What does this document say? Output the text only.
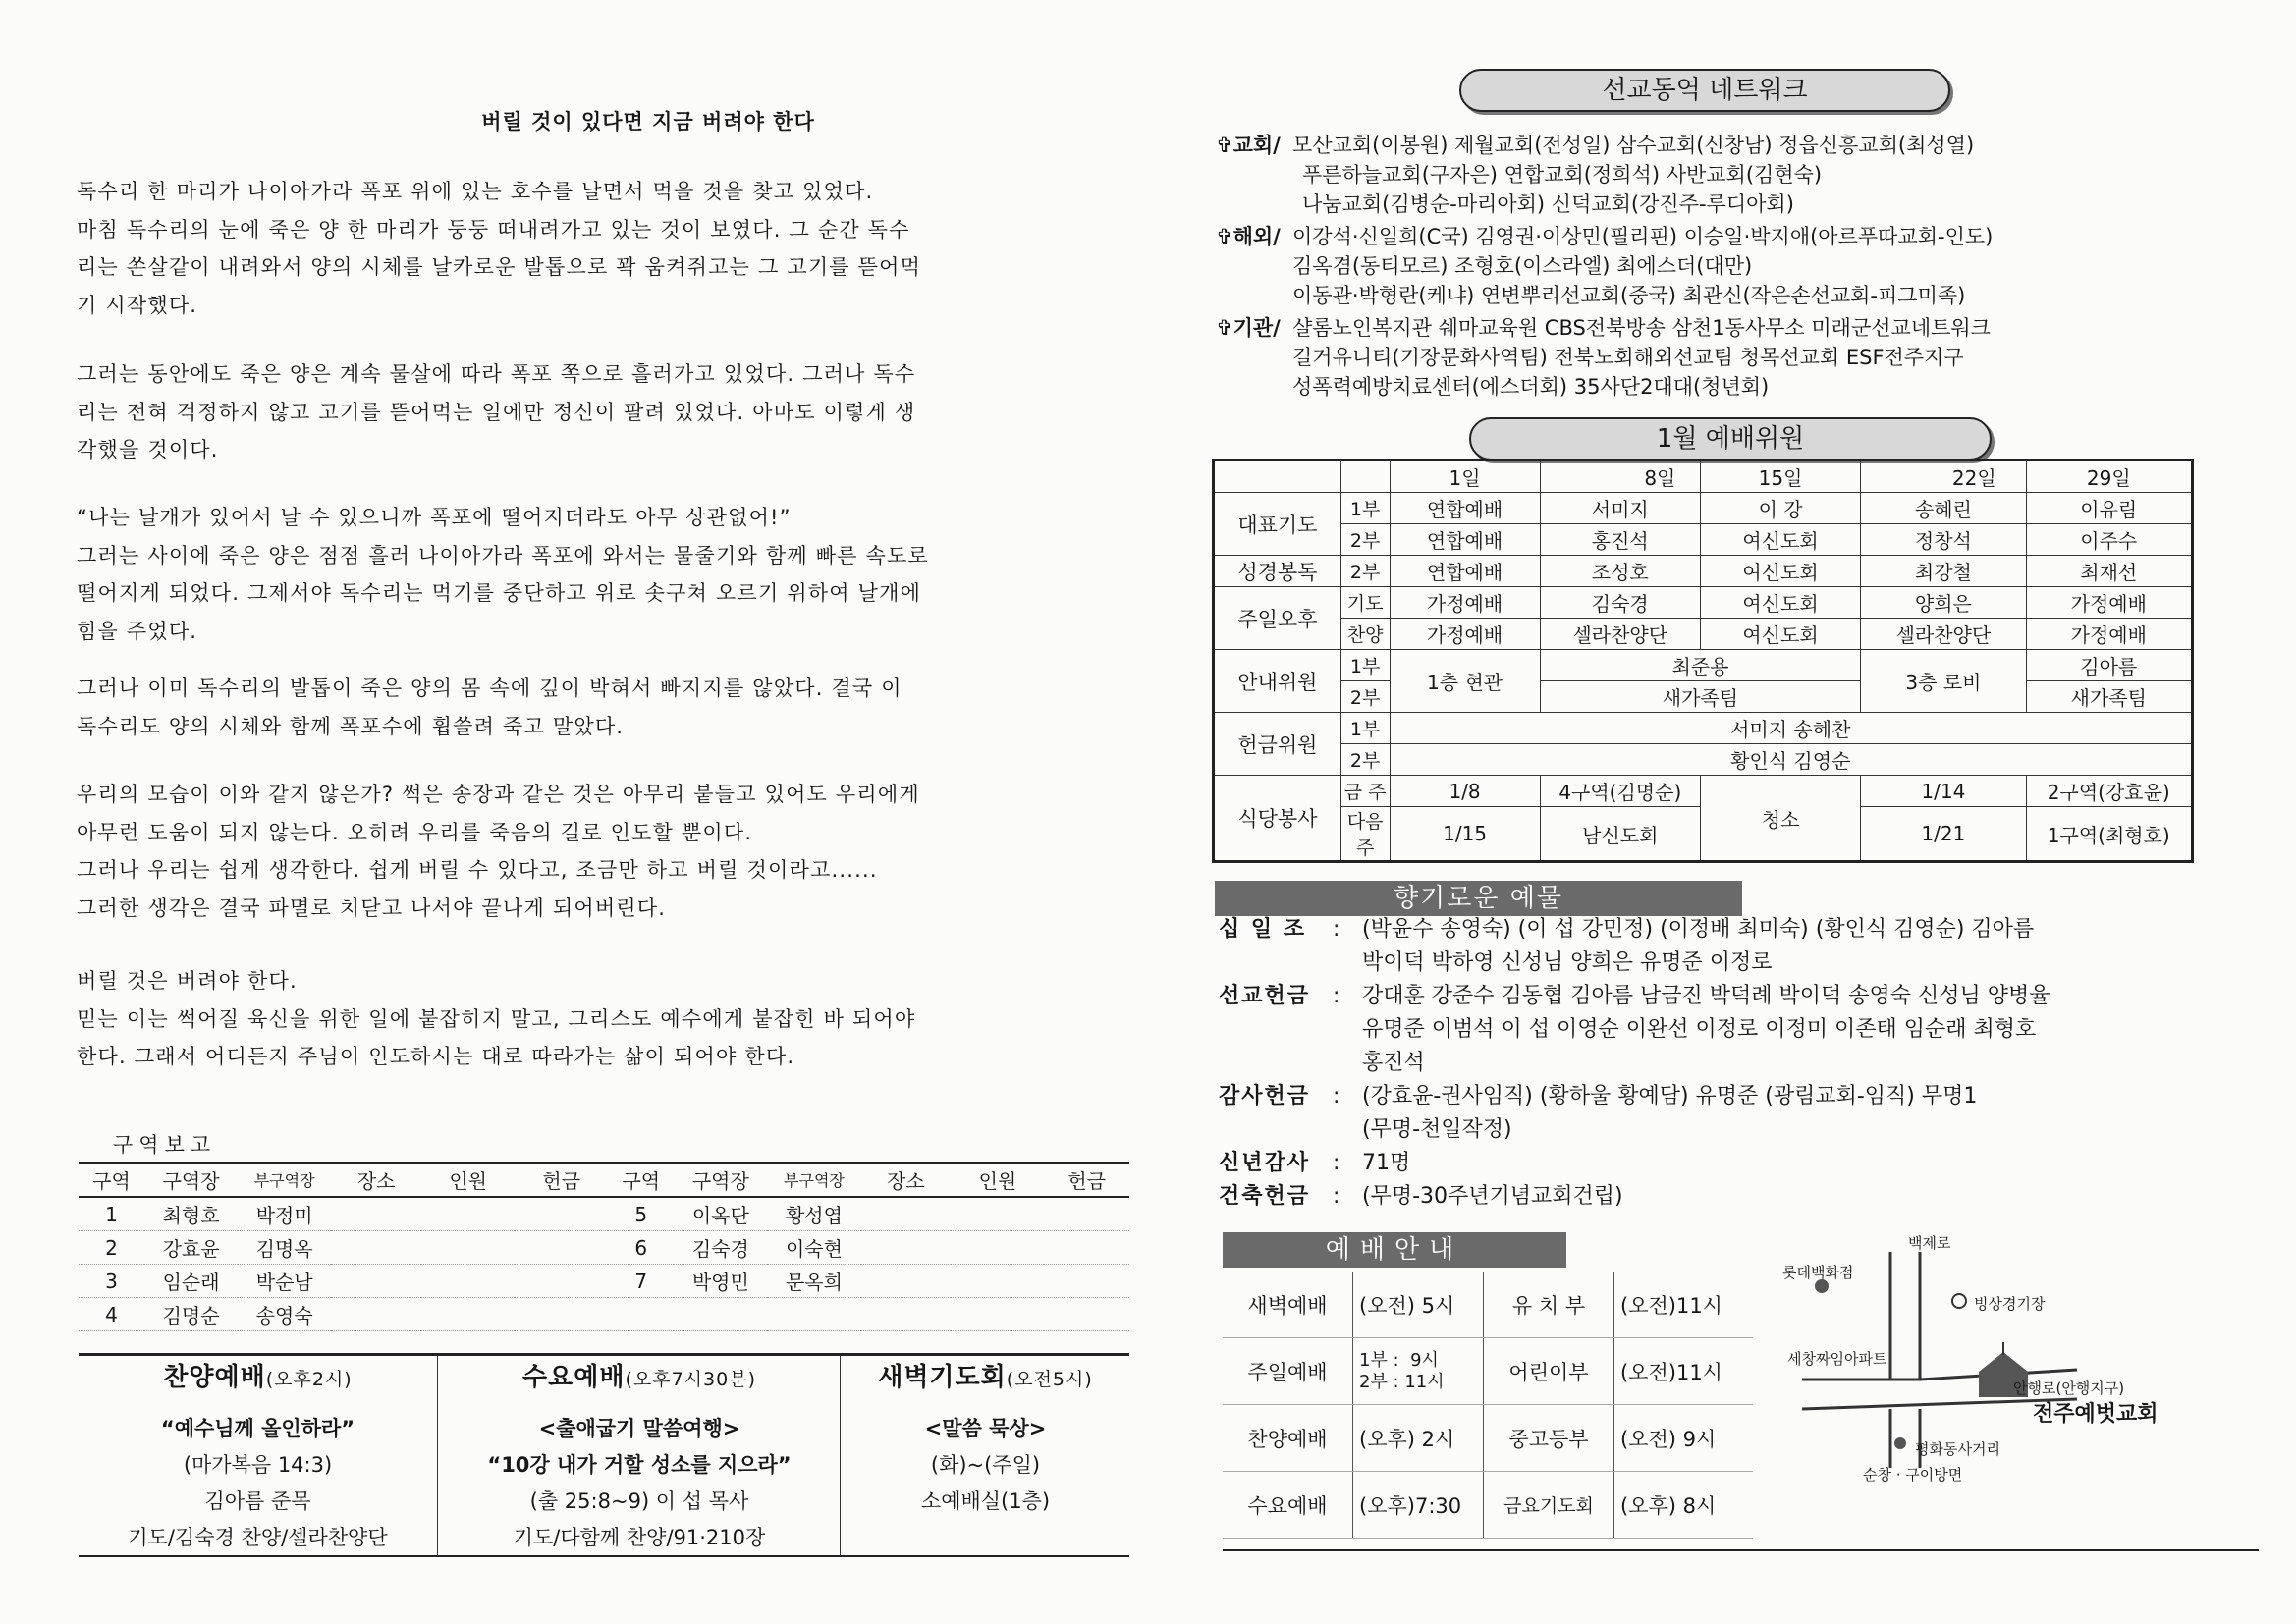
버릴 것이 있다면 지금 버려야 한다
독수리 한 마리가 나이아가라 폭포 위에 있는 호수를 날면서 먹을 것을 찾고 있었다.
마침 독수리의 눈에 죽은 양 한 마리가 둥둥 떠내려가고 있는 것이 보였다. 그 순간 독수
리는 쏜살같이 내려와서 양의 시체를 날카로운 발톱으로 꽉 움켜쥐고는 그 고기를 뜯어먹
기 시작했다.
그러는 동안에도 죽은 양은 계속 물살에 따라 폭포 쪽으로 흘러가고 있었다. 그러나 독수
리는 전혀 걱정하지 않고 고기를 뜯어먹는 일에만 정신이 팔려 있었다. 아마도 이렇게 생
각했을 것이다.
“나는 날개가 있어서 날 수 있으니까 폭포에 떨어지더라도 아무 상관없어!”
그러는 사이에 죽은 양은 점점 흘러 나이아가라 폭포에 와서는 물줄기와 함께 빠른 속도로
떨어지게 되었다. 그제서야 독수리는 먹기를 중단하고 위로 솟구쳐 오르기 위하여 날개에
힘을 주었다.
그러나 이미 독수리의 발톱이 죽은 양의 몸 속에 깊이 박혀서 빠지지를 않았다. 결국 이
독수리도 양의 시체와 함께 폭포수에 휩쓸려 죽고 말았다.
우리의 모습이 이와 같지 않은가? 썩은 송장과 같은 것은 아무리 붙들고 있어도 우리에게
아무런 도움이 되지 않는다. 오히려 우리를 죽음의 길로 인도할 뿐이다.
그러나 우리는 쉽게 생각한다. 쉽게 버릴 수 있다고, 조금만 하고 버릴 것이라고......
그러한 생각은 결국 파멸로 치닫고 나서야 끝나게 되어버린다.
버릴 것은 버려야 한다.
믿는 이는 썩어질 육신을 위한 일에 붙잡히지 말고, 그리스도 예수에게 붙잡힌 바 되어야
한다. 그래서 어디든지 주님이 인도하시는 대로 따라가는 삶이 되어야 한다.
구역보고
구역	구역장	부구역장	장소	인원	헌금	구역	구역장	부구역장	장소	인원	헌금
1	최형호	박정미				5	이옥단	황성엽			
2	강효윤	김명옥				6	김숙경	이숙현			
3	임순래	박순남				7	박영민	문옥희			
4	김명순	송영숙									
찬양예배(오후2시)

“예수님께 올인하라”

(마가복음 14:3)

김아름 준목

기도/김숙경 찬양/셀라찬양단

수요예배(오후7시30분)

<출애굽기 말씀여행>

“10강 내가 거할 성소를 지으라”

(출 25:8~9) 이 섭 목사

기도/다함께 찬양/91·210장

새벽기도회(오전5시)

<말씀 묵상>

(화)~(주일)

소예배실(1층)

선교동역 네트워크
✞교회/ 모산교회(이봉원) 제월교회(전성일) 삼수교회(신창남) 정읍신흥교회(최성열)
푸른하늘교회(구자은) 연합교회(정희석) 사반교회(김현숙)
나눔교회(김병순-마리아회) 신덕교회(강진주-루디아회)
✞해외/ 이강석·신일희(C국) 김영권·이상민(필리핀) 이승일·박지애(아르푸따교회-인도)
김옥겸(동티모르) 조형호(이스라엘) 최에스더(대만)
이동관·박형란(케냐) 연변뿌리선교회(중국) 최관신(작은손선교회-피그미족)
✞기관/ 샬롬노인복지관 쉐마교육원 CBS전북방송 삼천1동사무소 미래군선교네트워크
길거유니티(기장문화사역팀) 전북노회해외선교팀 청목선교회 ESF전주지구
성폭력예방치료센터(에스더회) 35사단2대대(청년회)
1월 예배위원
		1일		8일	15일		22일	29일
대표기도	1부	연합예배	서미지		이 강	송혜린		이유림
	2부	연합예배	홍진석		여신도회	정창석		이주수
성경봉독	2부	연합예배	조성호		여신도회	최강철		최재선
주일오후	기도	가정예배	김숙경		여신도회	양희은		가정예배
	찬양	가정예배	셀라찬양단		여신도회	셀라찬양단		가정예배
안내위원	1부	1층 현관	최준용			3층 로비		김아름
	2부		새가족팀					새가족팀
헌금위원	1부	서미지 송혜찬						
	2부	황인식 김영순						
식당봉사	금 주	1/8	4구역(김명순)		청소	1/14		2구역(강효윤)
	다음주	1/15	남신도회			1/21		1구역(최형호)
향기로운 예물
십 일 조	:	(박윤수 송영숙) (이 섭 강민정) (이정배 최미숙) (황인식 김영순) 김아름
박이덕 박하영 신성님 양희은 유명준 이정로
선교헌금	:	강대훈 강준수 김동협 김아름 남금진 박덕례 박이덕 송영숙 신성님 양병율
유명준 이범석 이 섭 이영순 이완선 이정로 이정미 이존태 임순래 최형호
홍진석
감사헌금	:	(강효윤-권사임직) (황하울 황예담) 유명준 (광림교회-임직) 무명1
(무명-천일작정)
신년감사	:	71명
건축헌금	:	(무명-30주년기념교회건립)
예배안내
새벽예배	(오전) 5시	유 치 부	(오전)11시
주일예배	1부 :  9시
2부 : 11시	어린이부	(오전)11시
찬양예배	(오후) 2시	중고등부	(오전) 9시
수요예배	(오후)7:30	금요기도회	(오후) 8시
백제로
롯데백화점
빙상경기장
세창짜임아파트
안행로(안행지구)
전주예벗교회
평화동사거리
순창 · 구이방면
